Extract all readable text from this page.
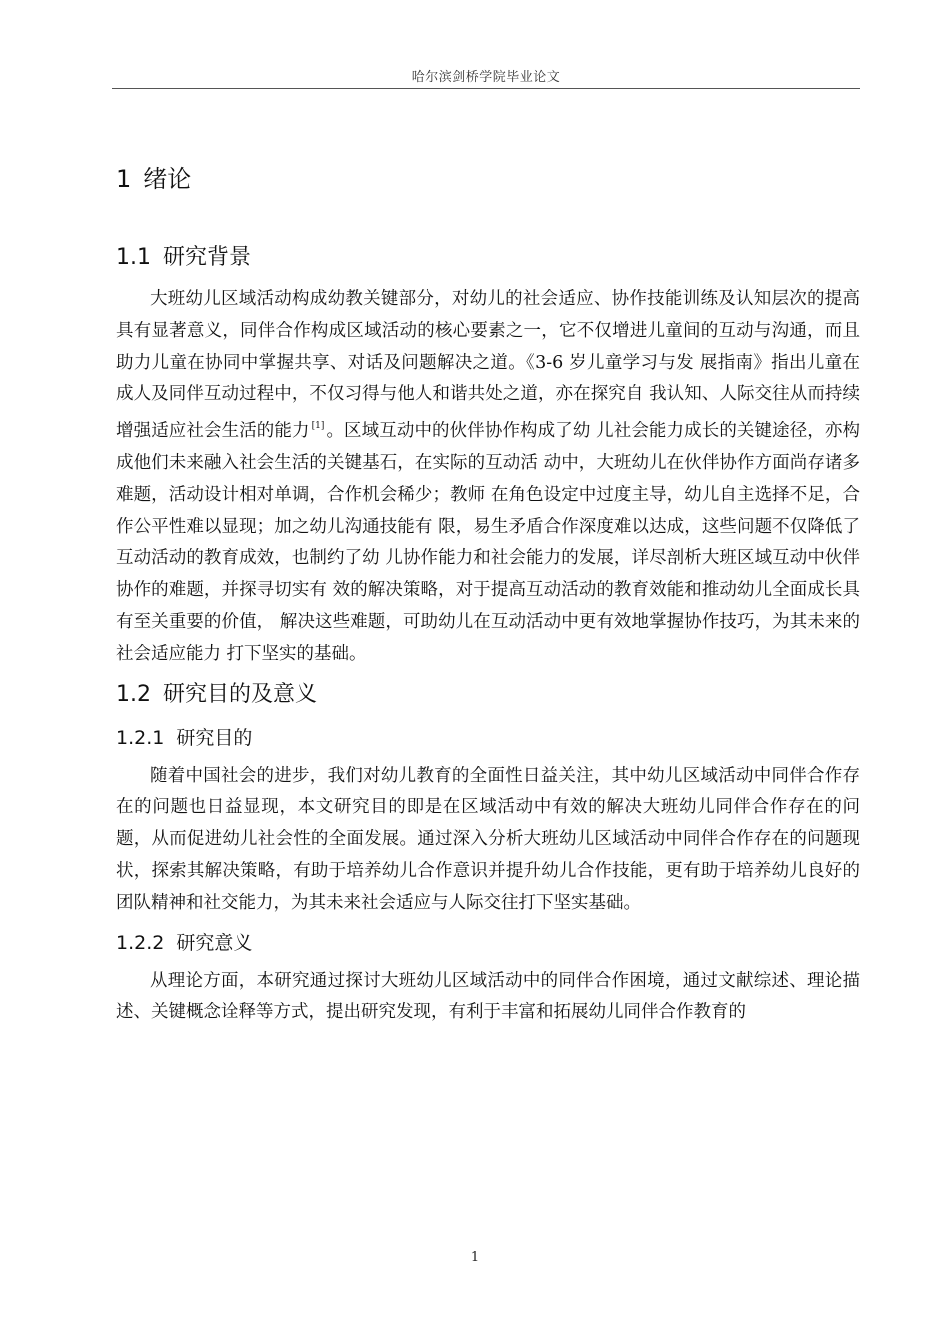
哈尔滨剑桥学院毕业论文
1 绪论
1.1 研究背景

大班幼儿区域活动构成幼教关键部分，对幼儿的社会适应、协作技能训练及认知层次的提高具有显著意义，同伴合作构成区域活动的核心要素之一，它不仅增进儿童间的互动与沟通，而且助力儿童在协同中掌握共享、对话及问题解决之道。《3-6 岁儿童学习与发 展指南》指出儿童在成人及同伴互动过程中，不仅习得与他人和谐共处之道，亦在探究自 我认知、人际交往从而持续增强适应社会生活的能力 [1] 。区域互动中的伙伴协作构成了幼 儿社会能力成长的关键途径，亦构成他们未来融入社会生活的关键基石，在实际的互动活 动中，大班幼儿在伙伴协作方面尚存诸多难题，活动设计相对单调，合作机会稀少；教师 在角色设定中过度主导，幼儿自主选择不足，合作公平性难以显现；加之幼儿沟通技能有 限，易生矛盾合作深度难以达成，这些问题不仅降低了互动活动的教育成效，也制约了幼 儿协作能力和社会能力的发展，详尽剖析大班区域互动中伙伴协作的难题，并探寻切实有 效的解决策略，对于提高互动活动的教育效能和推动幼儿全面成长具有至关重要的价值， 解决这些难题，可助幼儿在互动活动中更有效地掌握协作技巧，为其未来的社会适应能力 打下坚实的基础。

1.2 研究目的及意义
1.2.1 研究目的

随着中国社会的进步，我们对幼儿教育的全面性日益关注，其中幼儿区域活动中同伴合作存在的问题也日益显现，本文研究目的即是在区域活动中有效的解决大班幼儿同伴合作存在的问题，从而促进幼儿社会性的全面发展。通过深入分析大班幼儿区域活动中同伴合作存在的问题现状，探索其解决策略，有助于培养幼儿合作意识并提升幼儿合作技能，更有助于培养幼儿良好的团队精神和社交能力，为其未来社会适应与人际交往打下坚实基础。

1.2.2 研究意义

从理论方面，本研究通过探讨大班幼儿区域活动中的同伴合作困境，通过文献综述、理论描述、关键概念诠释等方式，提出研究发现，有利于丰富和拓展幼儿同伴合作教育的

1
